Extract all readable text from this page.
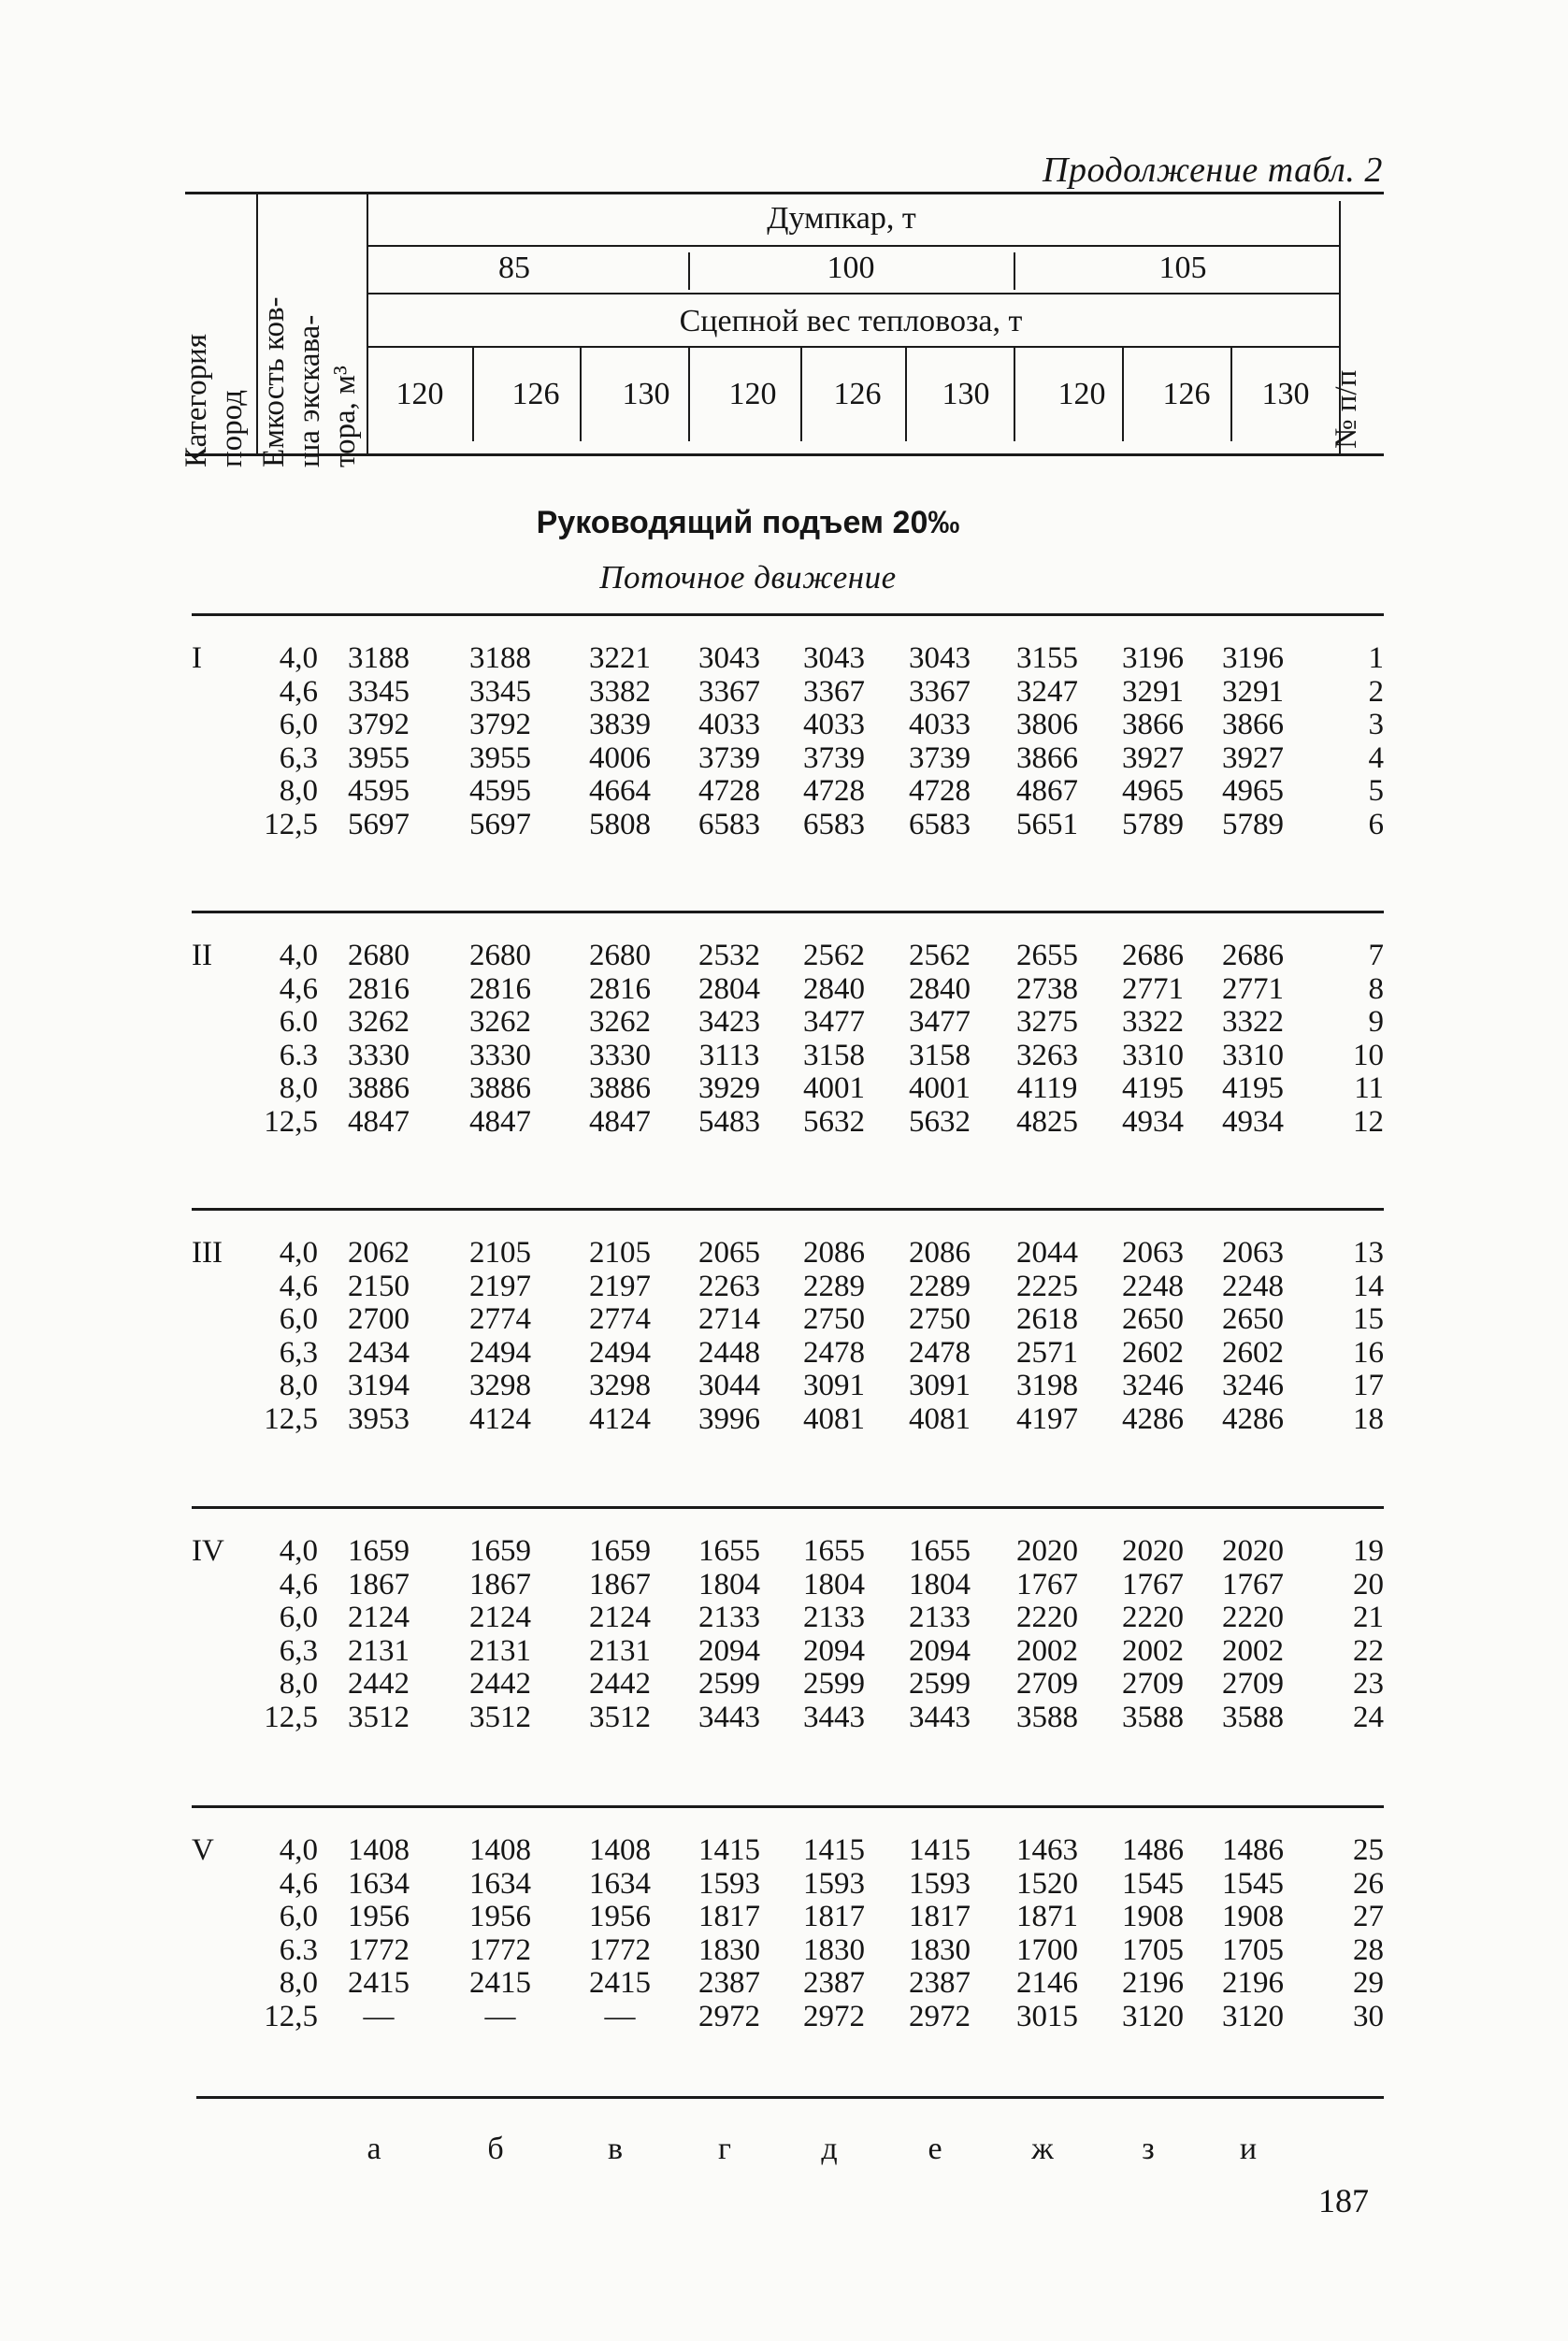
Продолжение табл. 2
Категория пород Емкость ков- ша экскава- тора, м³	№ п/п
Думпкар, т
85	100	105
Сцепной вес тепловоза, т
120	126	130	120	126	130	120	126	130
Руководящий подъем 20‰
Поточное движение
I	4,0 3188	3188	3221	3043	3043	3043	3155	3196	3196	1
4,6 3345	3345	3382	3367	3367	3367	3247	3291	3291	2
6,0 3792	3792	3839	4033	4033	4033	3806	3866	3866	3
6,3 3955	3955	4006	3739	3739	3739	3866	3927	3927	4
8,0 4595	4595	4664	4728	4728	4728	4867	4965	4965	5
12,5 5697	5697	5808	6583	6583	6583	5651	5789	5789	6
II	4,0 2680	2680	2680	2532	2562	2562	2655	2686	2686	7
4,6 2816	2816	2816	2804	2840	2840	2738	2771	2771	8
6.0 3262	3262	3262	3423	3477	3477	3275	3322	3322	9
6.3 3330	3330	3330	3113	3158	3158	3263	3310	3310	10
8,0 3886	3886	3886	3929	4001	4001	4119	4195	4195	11
12,5 4847	4847	4847	5483	5632	5632	4825	4934	4934	12
III	4,0 2062	2105	2105	2065	2086	2086	2044	2063	2063	13
4,6 2150	2197	2197	2263	2289	2289	2225	2248	2248	14
6,0 2700	2774	2774	2714	2750	2750	2618	2650	2650	15
6,3 2434	2494	2494	2448	2478	2478	2571	2602	2602	16
8,0 3194	3298	3298	3044	3091	3091	3198	3246	3246	17
12,5 3953	4124	4124	3996	4081	4081	4197	4286	4286	18
IV	4,0 1659	1659	1659	1655	1655	1655	2020	2020	2020	19
4,6 1867	1867	1867	1804	1804	1804	1767	1767	1767	20
6,0 2124	2124	2124	2133	2133	2133	2220	2220	2220	21
6,3 2131	2131	2131	2094	2094	2094	2002	2002	2002	22
8,0 2442	2442	2442	2599	2599	2599	2709	2709	2709	23
12,5 3512	3512	3512	3443	3443	3443	3588	3588	3588	24
V	4,0 1408	1408	1408	1415	1415	1415	1463	1486	1486	25
4,6 1634	1634	1634	1593	1593	1593	1520	1545	1545	26
6,0 1956	1956	1956	1817	1817	1817	1871	1908	1908	27
6.3 1772	1772	1772	1830	1830	1830	1700	1705	1705	28
8,0 2415	2415	2415	2387	2387	2387	2146	2196	2196	29
12,5	—	—	—	2972	2972	2972	3015	3120	3120	30
а	б	в	г	д	е	ж	з	и
187
